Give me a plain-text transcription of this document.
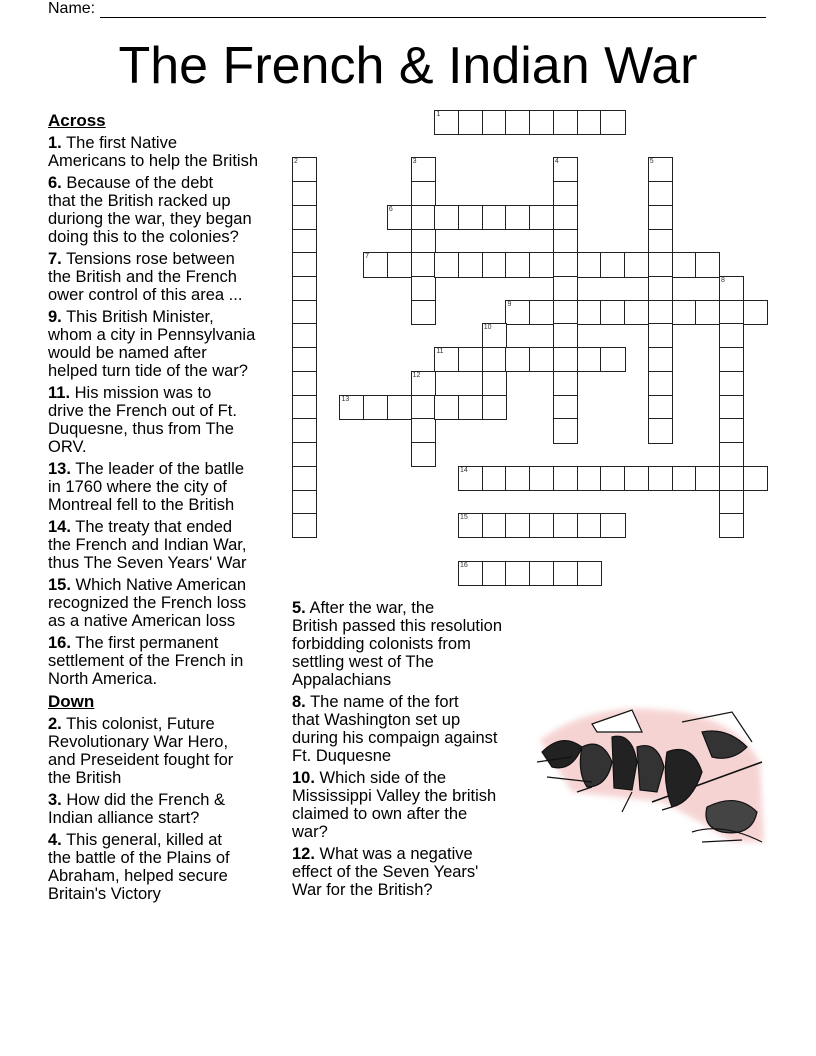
Name:
The French & Indian War
Across
1. The first Native
Americans to help the British
6. Because of the debt
that the British racked up
duriong the war, they began
doing this to the colonies?
7. Tensions rose between
the British and the French
ower control of this area ...
9. This British Minister,
whom a city in Pennsylvania
would be named after
helped turn tide of the war?
11. His mission was to
drive the French out of Ft.
Duquesne, thus from The
ORV.
13. The leader of the batlle
in 1760 where the city of
Montreal fell to the British
14. The treaty that ended
the French and Indian War,
thus The Seven Years' War
15. Which Native American
recognized the French loss
as a native American loss
16. The first permanent
settlement of the French in
North America.
Down
2. This colonist, Future
Revolutionary War Hero,
and Preseident fought for
the British
3. How did the French &
Indian alliance start?
4. This general, killed at
the battle of the Plains of
Abraham, helped secure
Britain's Victory
5. After the war, the
British passed this resolution
forbidding colonists from
settling west of The
Appalachians
8. The name of the fort
that Washington set up
during his compaign against
Ft. Duquesne
10. Which side of the
Mississippi Valley the british
claimed to own after the
war?
12. What was a negative
effect of the Seven Years'
War for the British?
1
2	3	4	5
6
7
8
9
10
11
12
13
14
15
16
